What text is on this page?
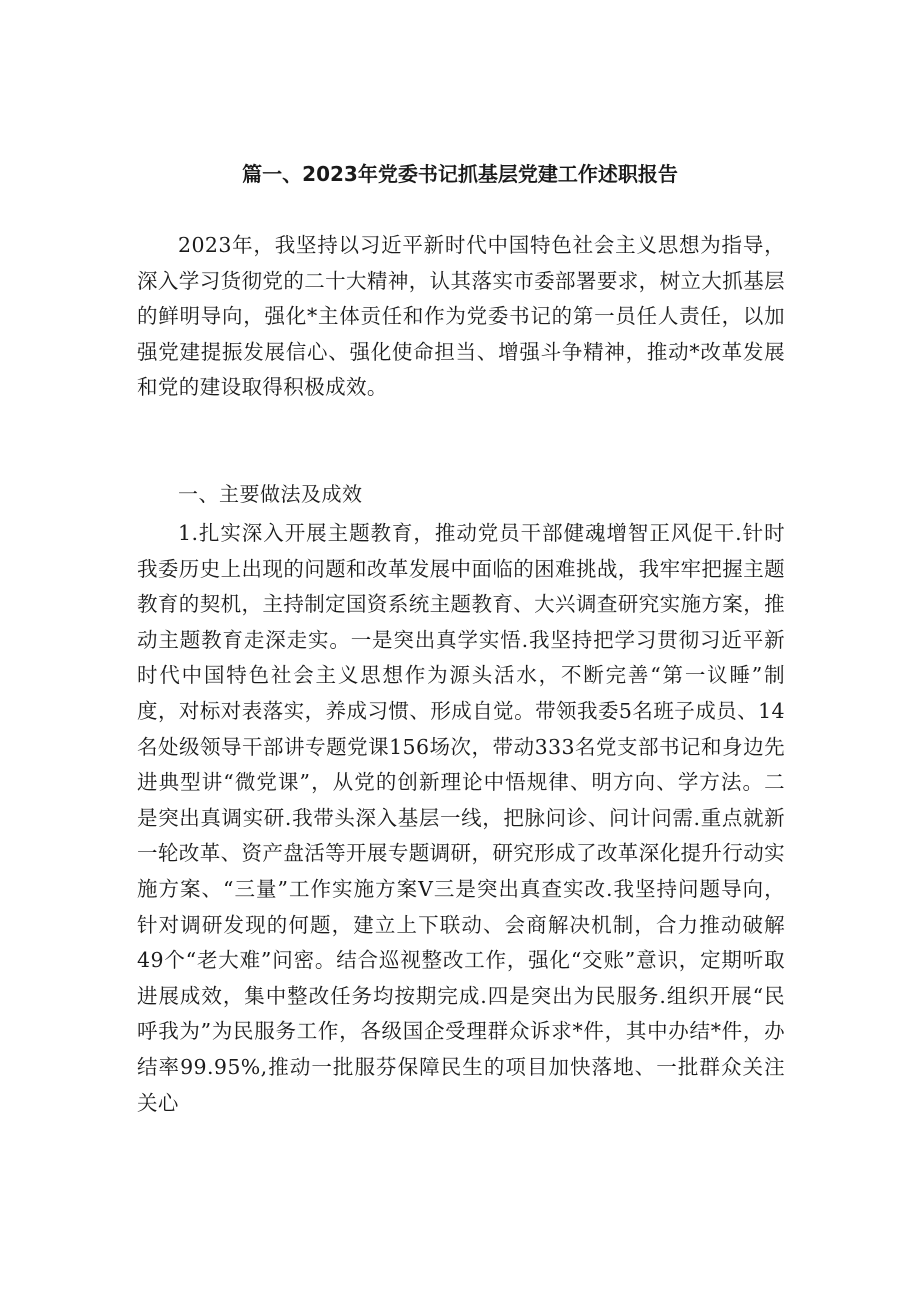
篇一、2023年党委书记抓基层党建工作述职报告
2023年，我坚持以习近平新时代中国特色社会主义思想为指导，深入学习货彻党的二十大精神，认其落实市委部署要求，树立大抓基层的鲜明导向，强化*主体贡任和作为党委书记的第一员任人责任，以加强党建提振发展信心、强化使命担当、增强斗争精神，推动*改革发展和党的建设取得积极成效。
一、主要做法及成效
1.扎实深入开展主题教育，推动党员干部健魂增智正风促干.针时我委历史上出现的问题和改革发展中面临的困难挑战，我牢牢把握主题教育的契机，主持制定国资系统主题教育、大兴调查研究实施方案，推动主题教育走深走实。一是突出真学实悟.我坚持把学习贯彻习近平新时代中国特色社会主义思想作为源头活水，不断完善“第一议睡”制度，对标对表落实，养成习惯、形成自觉。带领我委5名班子成员、14名处级领导干部讲专题党课156场次，带动333名党支部书记和身边先进典型讲“微党课”，从党的创新理论中悟规律、明方向、学方法。二是突出真调实研.我带头深入基层一线，把脉问诊、问计问需.重点就新一轮改革、资产盘活等开展专题调研，研究形成了改革深化提升行动实施方案、“三量”工作实施方案V三是突出真查实改.我坚持问题导向，针对调研发现的何题，建立上下联动、会商解决机制，合力推动破解49个“老大难”问密。结合巡视整改工作，强化“交账”意识，定期听取进展成效，集中整改任务均按期完成.四是突出为民服务.组织开展“民呼我为”为民服务工作，各级国企受理群众诉求*件，其中办结*件，办结率99.95%,推动一批服芬保障民生的项目加快落地、一批群众关注关心
